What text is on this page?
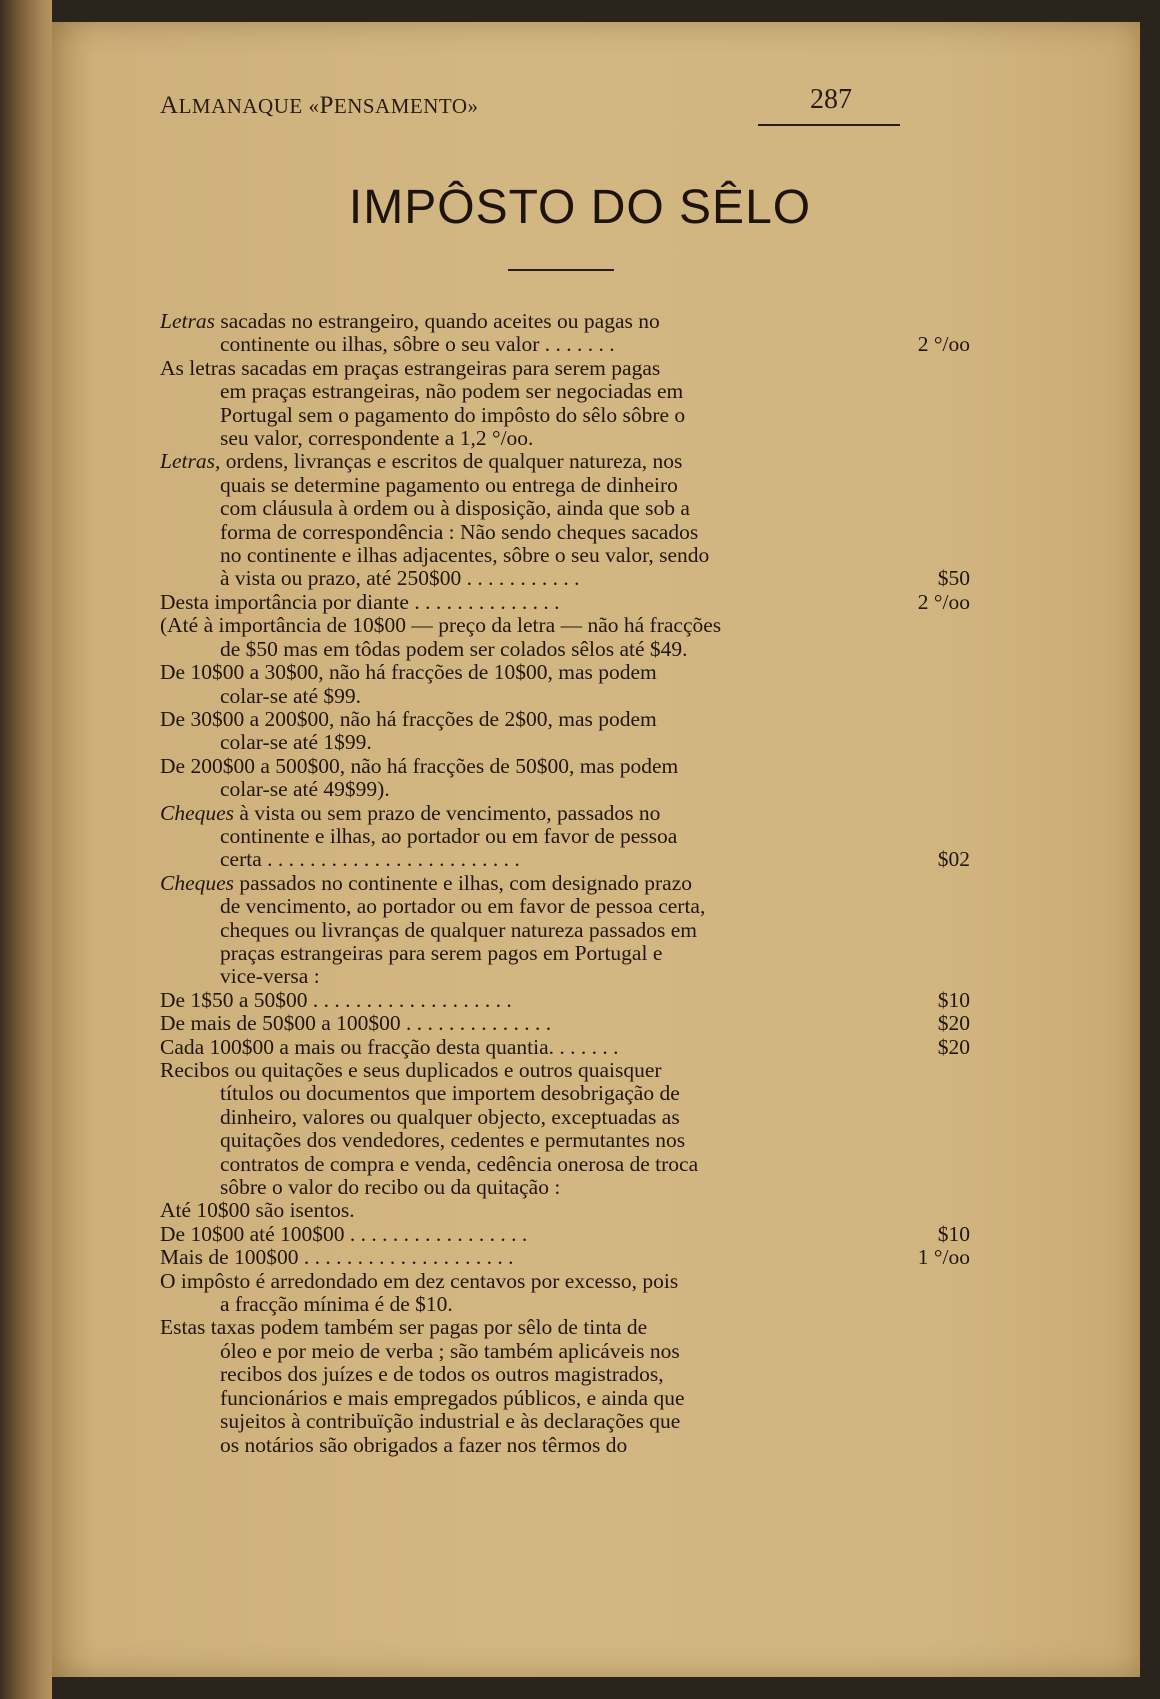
ALMANAQUE «PENSAMENTO»	287
IMPÔSTO DO SÊLO
Letras sacadas no estrangeiro, quando aceites ou pagas no
continente ou ilhas, sôbre o seu valor . . . . . . .	2 °/oo
As letras sacadas em praças estrangeiras para serem pagas
em praças estrangeiras, não podem ser negociadas em
Portugal sem o pagamento do impôsto do sêlo sôbre o
seu valor, correspondente a 1,2 °/oo.
Letras, ordens, livranças e escritos de qualquer natureza, nos
quais se determine pagamento ou entrega de dinheiro
com cláusula à ordem ou à disposição, ainda que sob a
forma de correspondência : Não sendo cheques sacados
no continente e ilhas adjacentes, sôbre o seu valor, sendo
à vista ou prazo, até 250$00 . . . . . . . . . . .	$50
Desta importância por diante . . . . . . . . . . . . . .	2 °/oo
(Até à importância de 10$00 — preço da letra — não há fracções
de $50 mas em tôdas podem ser colados sêlos até $49.
De 10$00 a 30$00, não há fracções de 10$00, mas podem
colar-se até $99.
De 30$00 a 200$00, não há fracções de 2$00, mas podem
colar-se até 1$99.
De 200$00 a 500$00, não há fracções de 50$00, mas podem
colar-se até 49$99).
Cheques à vista ou sem prazo de vencimento, passados no
continente e ilhas, ao portador ou em favor de pessoa
certa . . . . . . . . . . . . . . . . . . . . . . . .	$02
Cheques passados no continente e ilhas, com designado prazo
de vencimento, ao portador ou em favor de pessoa certa,
cheques ou livranças de qualquer natureza passados em
praças estrangeiras para serem pagos em Portugal e
vice-versa :
De 1$50 a 50$00 . . . . . . . . . . . . . . . . . . .	$10
De mais de 50$00 a 100$00 . . . . . . . . . . . . . .	$20
Cada 100$00 a mais ou fracção desta quantia. . . . . . .	$20
Recibos ou quitações e seus duplicados e outros quaisquer
títulos ou documentos que importem desobrigação de
dinheiro, valores ou qualquer objecto, exceptuadas as
quitações dos vendedores, cedentes e permutantes nos
contratos de compra e venda, cedência onerosa de troca
sôbre o valor do recibo ou da quitação :
Até 10$00 são isentos.
De 10$00 até 100$00 . . . . . . . . . . . . . . . . .	$10
Mais de 100$00 . . . . . . . . . . . . . . . . . . . .	1 °/oo
O impôsto é arredondado em dez centavos por excesso, pois
a fracção mínima é de $10.
Estas taxas podem também ser pagas por sêlo de tinta de
óleo e por meio de verba ; são também aplicáveis nos
recibos dos juízes e de todos os outros magistrados,
funcionários e mais empregados públicos, e ainda que
sujeitos à contribuïção industrial e às declarações que
os notários são obrigados a fazer nos têrmos do
